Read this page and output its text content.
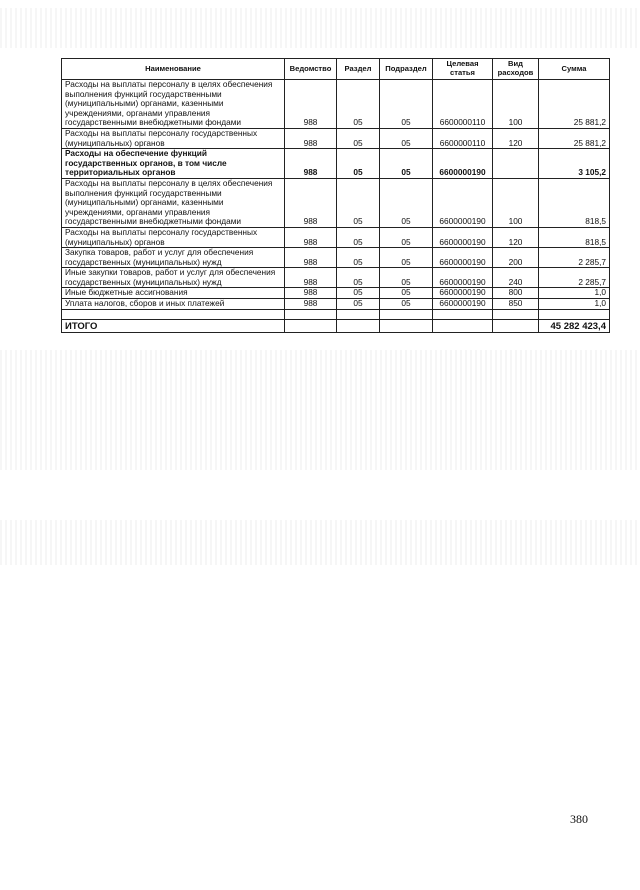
Наименование	Ведомство	Раздел	Подраздел	Целевая статья	Вид расходов	Сумма
Расходы на выплаты персоналу в целях обеспечения выполнения функций государственными (муниципальными) органами, казенными учреждениями, органами управления государственными внебюджетными фондами	988	05	05	6600000110	100	25 881,2
Расходы на выплаты персоналу государственных (муниципальных) органов	988	05	05	6600000110	120	25 881,2
Расходы на обеспечение функций государственных органов, в том числе территориальных органов	988	05	05	6600000190		3 105,2
Расходы на выплаты персоналу в целях обеспечения выполнения функций государственными (муниципальными) органами, казенными учреждениями, органами управления государственными внебюджетными фондами	988	05	05	6600000190	100	818,5
Расходы на выплаты персоналу государственных (муниципальных) органов	988	05	05	6600000190	120	818,5
Закупка товаров, работ и услуг для обеспечения государственных (муниципальных) нужд	988	05	05	6600000190	200	2 285,7
Иные закупки товаров, работ и услуг для обеспечения государственных (муниципальных) нужд	988	05	05	6600000190	240	2 285,7
Иные бюджетные ассигнования	988	05	05	6600000190	800	1,0
Уплата налогов, сборов и иных платежей	988	05	05	6600000190	850	1,0

ИТОГО						45 282 423,4
380
